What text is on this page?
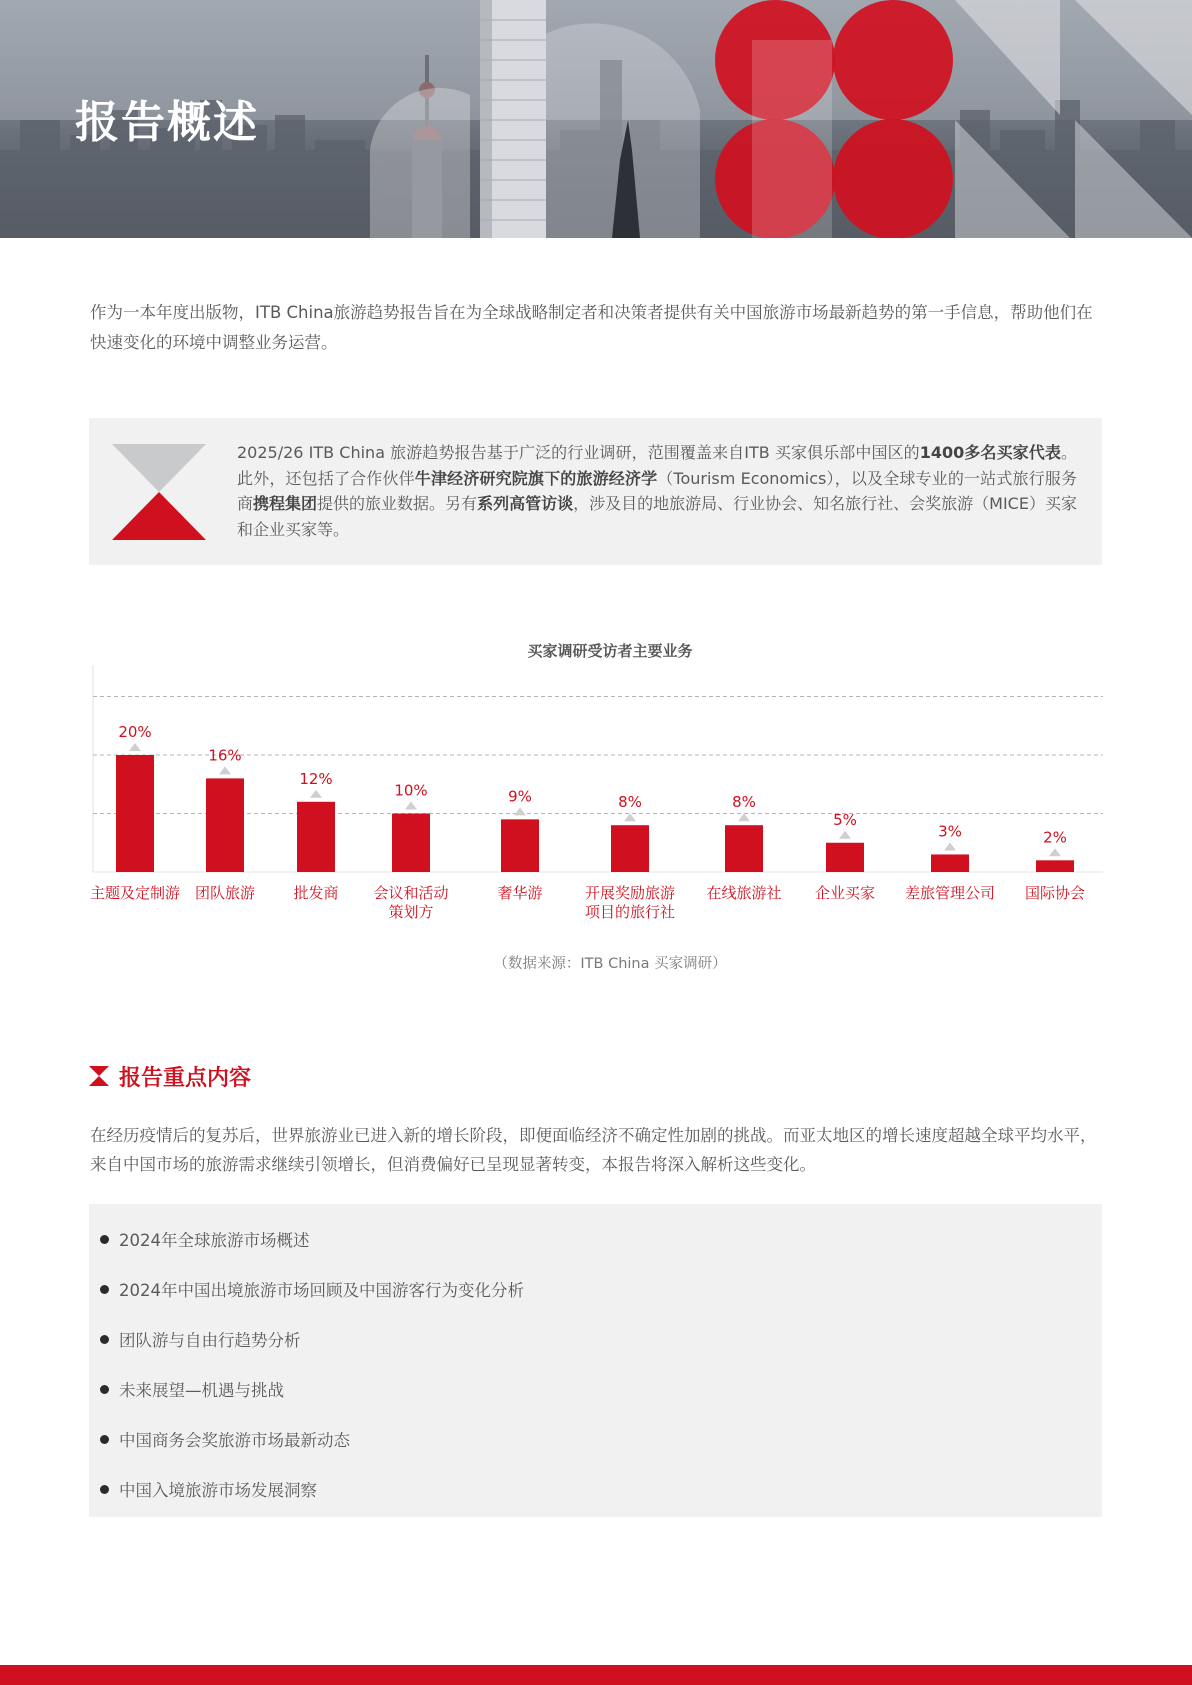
报告概述

作为一本年度出版物，ITB China旅游趋势报告旨在为全球战略制定者和决策者提供有关中国旅游市场最新趋势的第一手信息，帮助他们在快速变化的环境中调整业务运营。

2025/26 ITB China 旅游趋势报告基于广泛的行业调研，范围覆盖来自ITB 买家俱乐部中国区的1400多名买家代表。此外，还包括了合作伙伴牛津经济研究院旗下的旅游经济学（Tourism Economics），以及全球专业的一站式旅行服务商携程集团提供的旅业数据。另有系列高管访谈，涉及目的地旅游局、行业协会、知名旅行社、会奖旅游（MICE）买家和企业买家等。

买家调研受访者主要业务
20%
主题及定制游
16%
团队旅游
12%
批发商
10%
会议和活动
策划方
9%
奢华游
8%
开展奖励旅游
项目的旅行社
8%
在线旅游社
5%
企业买家
3%
差旅管理公司
2%
国际协会
（数据来源：ITB China 买家调研）
报告重点内容

在经历疫情后的复苏后，世界旅游业已进入新的增长阶段，即便面临经济不确定性加剧的挑战。而亚太地区的增长速度超越全球平均水平，来自中国市场的旅游需求继续引领增长，但消费偏好已呈现显著转变，本报告将深入解析这些变化。

2024年全球旅游市场概述
2024年中国出境旅游市场回顾及中国游客行为变化分析
团队游与自由行趋势分析
未来展望—机遇与挑战
中国商务会奖旅游市场最新动态
中国入境旅游市场发展洞察
